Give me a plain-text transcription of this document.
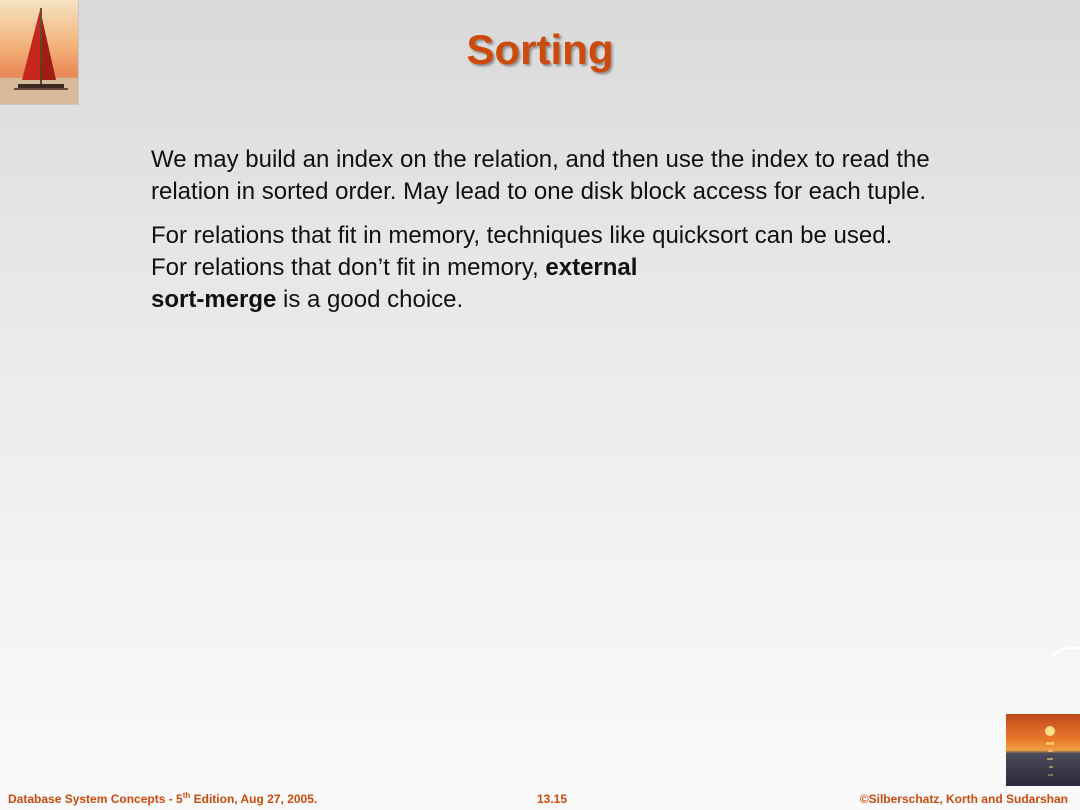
Sorting

We may build an index on the relation, and then use the index to read the relation in sorted order. May lead to one disk block access for each tuple.

For relations that fit in memory, techniques like quicksort can be used.
For relations that don’t fit in memory, external
sort-merge is a good choice.

Database System Concepts - 5th Edition, Aug 27, 2005.	13.15	©Silberschatz, Korth and Sudarshan
